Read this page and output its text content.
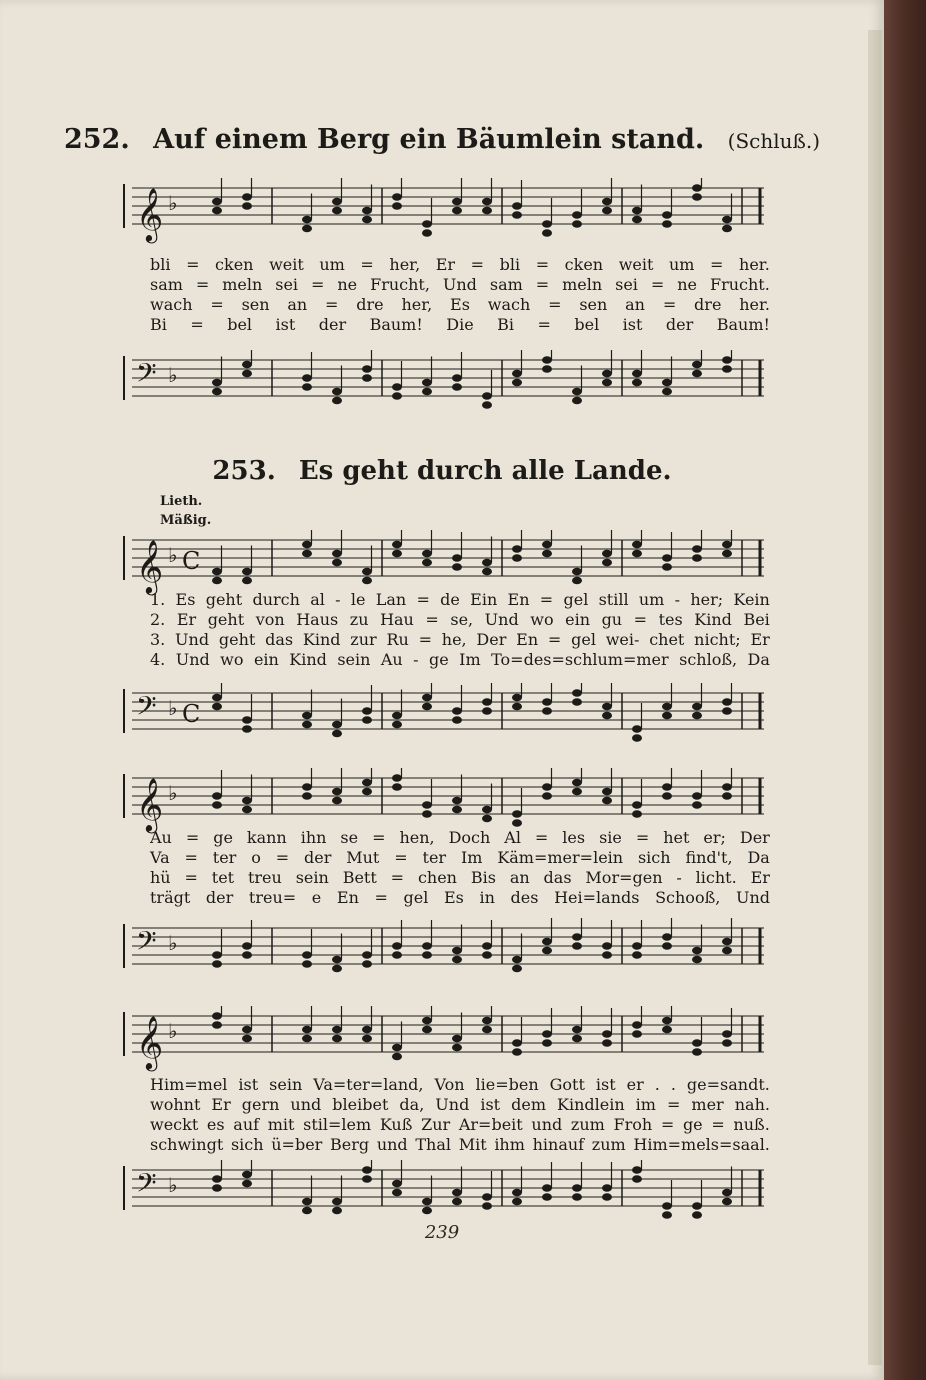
252. Auf einem Berg ein Bäumlein stand. (Schluß.)
𝄞 ♭
bli = cken weit um = her, Er = bli = cken weit um = her.
sam = meln sei = ne Frucht, Und sam = meln sei = ne Frucht.
wach = sen an = dre her, Es wach = sen an = dre her.
Bi = bel ist der Baum! Die Bi = bel ist der Baum!
𝄢 ♭
253. Es geht durch alle Lande.
Lieth.
Mäßig.
𝄞 ♭ C
1. Es geht durch al - le Lan = de Ein En = gel still um - her; Kein
2. Er geht von Haus zu Hau = se, Und wo ein gu = tes Kind Bei
3. Und geht das Kind zur Ru = he, Der En = gel wei- chet nicht; Er
4. Und wo ein Kind sein Au - ge Im To=des=schlum=mer schloß, Da
𝄢 ♭ C
𝄞 ♭
Au = ge kann ihn se = hen, Doch Al = les sie = het er; Der
Va = ter o = der Mut = ter Im Käm=mer=lein sich find't, Da
hü = tet treu sein Bett = chen Bis an das Mor=gen - licht. Er
trägt der treu= e En = gel Es in des Hei=lands Schooß, Und
𝄢 ♭
𝄞 ♭
Him=mel ist sein Va=ter=land, Von lie=ben Gott ist er . . ge=sandt.
wohnt Er gern und bleibet da, Und ist dem Kindlein im = mer nah.
weckt es auf mit stil=lem Kuß Zur Ar=beit und zum Froh = ge = nuß.
schwingt sich ü=ber Berg und Thal Mit ihm hinauf zum Him=mels=saal.
𝄢 ♭
239
